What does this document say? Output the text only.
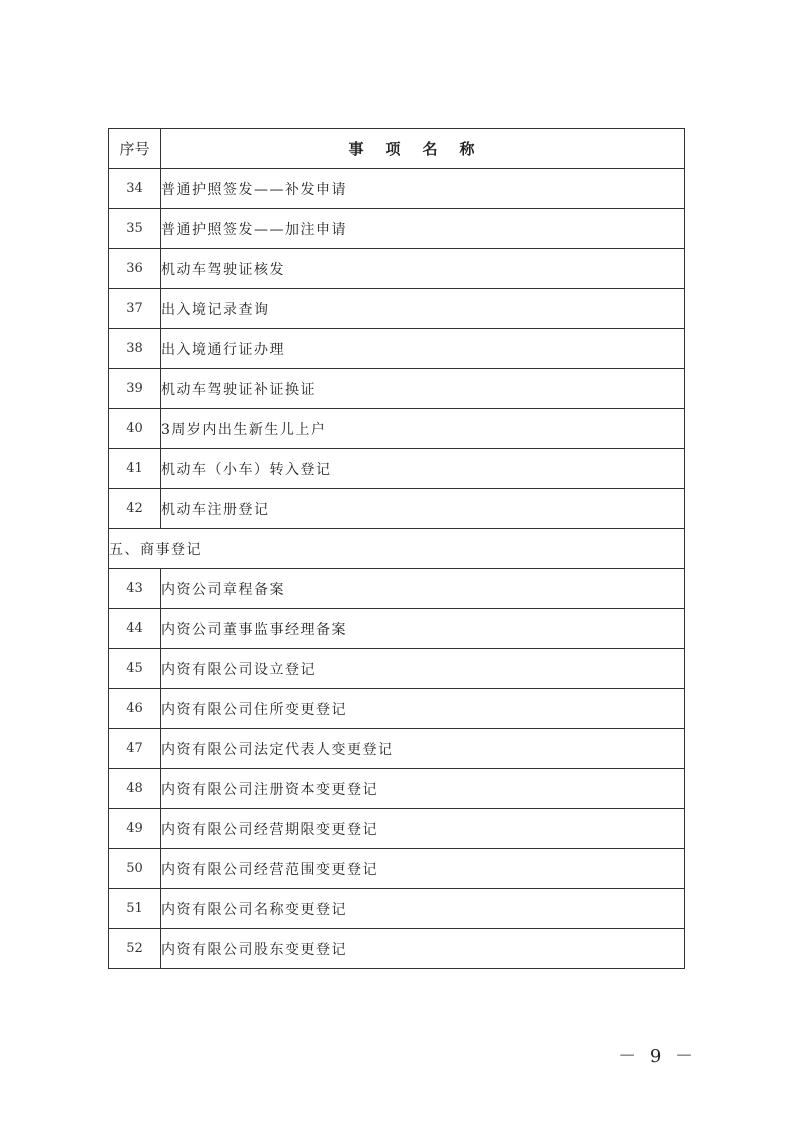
序号	事项名称
34	普通护照签发——补发申请
35	普通护照签发——加注申请
36	机动车驾驶证核发
37	出入境记录查询
38	出入境通行证办理
39	机动车驾驶证补证换证
40	3周岁内出生新生儿上户
41	机动车（小车）转入登记
42	机动车注册登记
五、商事登记	
43	内资公司章程备案
44	内资公司董事监事经理备案
45	内资有限公司设立登记
46	内资有限公司住所变更登记
47	内资有限公司法定代表人变更登记
48	内资有限公司注册资本变更登记
49	内资有限公司经营期限变更登记
50	内资有限公司经营范围变更登记
51	内资有限公司名称变更登记
52	内资有限公司股东变更登记
－ 9 －
